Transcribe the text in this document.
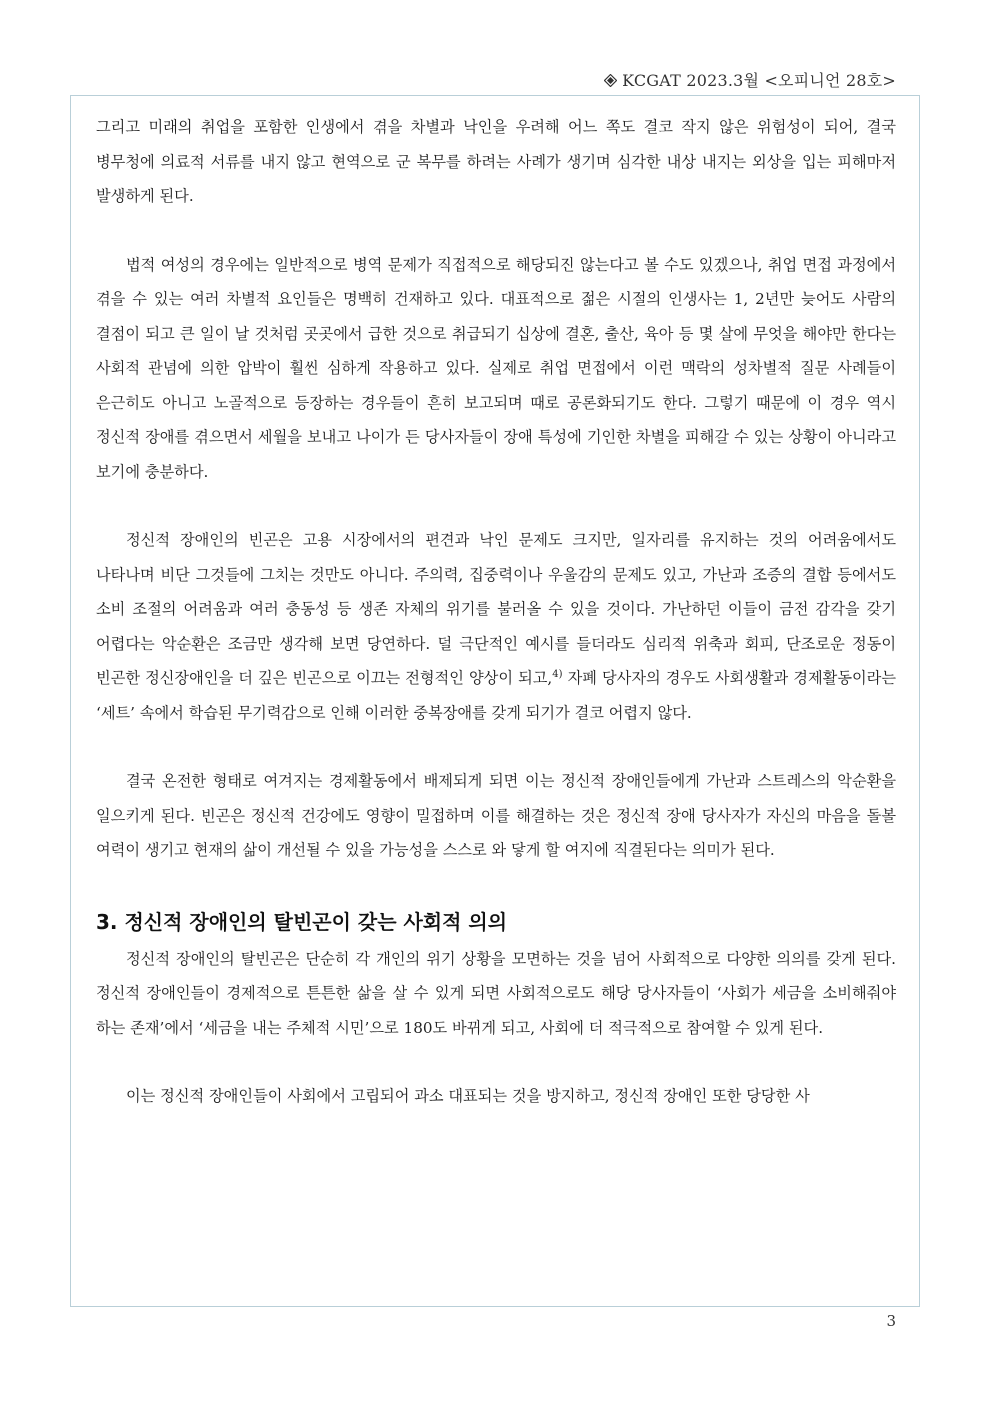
KCGAT 2023.3월 <오피니언 28호>

그리고 미래의 취업을 포함한 인생에서 겪을 차별과 낙인을 우려해 어느 쪽도 결코 작지 않은 위험성이 되어, 결국 병무청에 의료적 서류를 내지 않고 현역으로 군 복무를 하려는 사례가 생기며 심각한 내상 내지는 외상을 입는 피해마저 발생하게 된다.

법적 여성의 경우에는 일반적으로 병역 문제가 직접적으로 해당되진 않는다고 볼 수도 있겠으나, 취업 면접 과정에서 겪을 수 있는 여러 차별적 요인들은 명백히 건재하고 있다. 대표적으로 젊은 시절의 인생사는 1, 2년만 늦어도 사람의 결점이 되고 큰 일이 날 것처럼 곳곳에서 급한 것으로 취급되기 십상에 결혼, 출산, 육아 등 몇 살에 무엇을 해야만 한다는 사회적 관념에 의한 압박이 훨씬 심하게 작용하고 있다. 실제로 취업 면접에서 이런 맥락의 성차별적 질문 사례들이 은근히도 아니고 노골적으로 등장하는 경우들이 흔히 보고되며 때로 공론화되기도 한다. 그렇기 때문에 이 경우 역시 정신적 장애를 겪으면서 세월을 보내고 나이가 든 당사자들이 장애 특성에 기인한 차별을 피해갈 수 있는 상황이 아니라고 보기에 충분하다.

정신적 장애인의 빈곤은 고용 시장에서의 편견과 낙인 문제도 크지만, 일자리를 유지하는 것의 어려움에서도 나타나며 비단 그것들에 그치는 것만도 아니다. 주의력, 집중력이나 우울감의 문제도 있고, 가난과 조증의 결합 등에서도 소비 조절의 어려움과 여러 충동성 등 생존 자체의 위기를 불러올 수 있을 것이다. 가난하던 이들이 금전 감각을 갖기 어렵다는 악순환은 조금만 생각해 보면 당연하다. 덜 극단적인 예시를 들더라도 심리적 위축과 회피, 단조로운 정동이 빈곤한 정신장애인을 더 깊은 빈곤으로 이끄는 전형적인 양상이 되고,$^{4)}$ 자폐 당사자의 경우도 사회생활과 경제활동이라는 ‘세트’ 속에서 학습된 무기력감으로 인해 이러한 중복장애를 갖게 되기가 결코 어렵지 않다.

결국 온전한 형태로 여겨지는 경제활동에서 배제되게 되면 이는 정신적 장애인들에게 가난과 스트레스의 악순환을 일으키게 된다. 빈곤은 정신적 건강에도 영향이 밀접하며 이를 해결하는 것은 정신적 장애 당사자가 자신의 마음을 돌볼 여력이 생기고 현재의 삶이 개선될 수 있을 가능성을 스스로 와 닿게 할 여지에 직결된다는 의미가 된다.

3. 정신적 장애인의 탈빈곤이 갖는 사회적 의의

정신적 장애인의 탈빈곤은 단순히 각 개인의 위기 상황을 모면하는 것을 넘어 사회적으로 다양한 의의를 갖게 된다. 정신적 장애인들이 경제적으로 튼튼한 삶을 살 수 있게 되면 사회적으로도 해당 당사자들이 ‘사회가 세금을 소비해줘야 하는 존재’에서 ‘세금을 내는 주체적 시민’으로 180도 바뀌게 되고, 사회에 더 적극적으로 참여할 수 있게 된다.

이는 정신적 장애인들이 사회에서 고립되어 과소 대표되는 것을 방지하고, 정신적 장애인 또한 당당한 사

3
